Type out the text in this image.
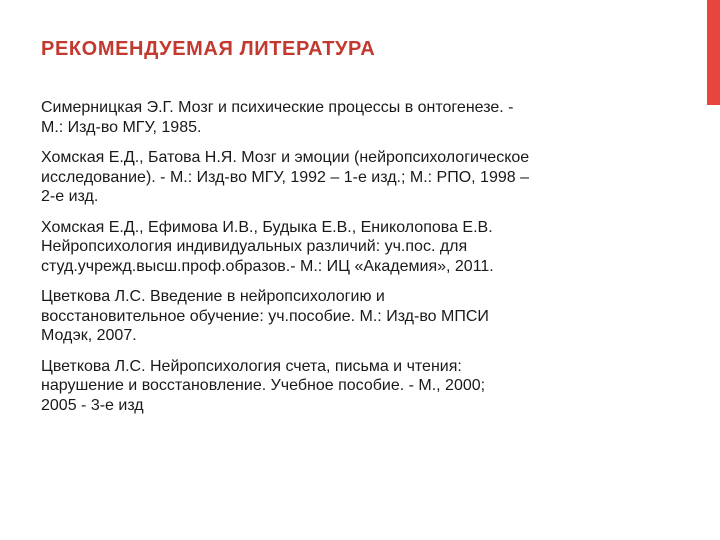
РЕКОМЕНДУЕМАЯ ЛИТЕРАТУРА
Симерницкая Э.Г. Мозг и психические процессы в онтогенезе. -
М.: Изд-во МГУ, 1985.
Хомская Е.Д., Батова Н.Я. Мозг и эмоции (нейропсихологическое
исследование). - М.: Изд-во МГУ, 1992 – 1-е изд.; М.: РПО, 1998 –
2-е изд.
Хомская Е.Д., Ефимова И.В., Будыка Е.В., Ениколопова Е.В.
Нейропсихология индивидуальных различий: уч.пос. для
студ.учрежд.высш.проф.образов.- М.: ИЦ «Академия», 2011.
Цветкова Л.С. Введение в нейропсихологию и
восстановительное обучение: уч.пособие. М.: Изд-во МПСИ
Модэк, 2007.
Цветкова Л.С. Нейропсихология счета, письма и чтения:
нарушение и восстановление. Учебное пособие. - М., 2000;
2005 - 3-е изд
